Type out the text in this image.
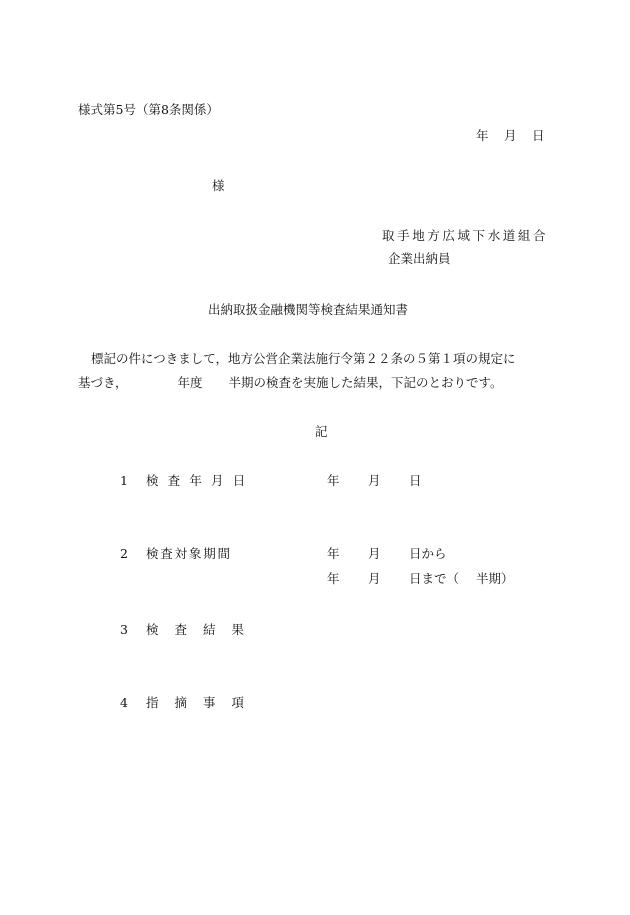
様式第5号（第8条関係）
年 月 日
様
取手地方広域下水道組合
企業出納員
出納取扱金融機関等検査結果通知書
標記の件につきまして，地方公営企業法施行令第２２条の５第１項の規定に
基づき，	年度 半期の検査を実施した結果，下記のとおりです。
記
1 検 査 年 月 日	年 月 日
2 検査対象期間	年 月 日から
年 月 日まで（ 半期）
3 検 査 結 果
4 指 摘 事 項
